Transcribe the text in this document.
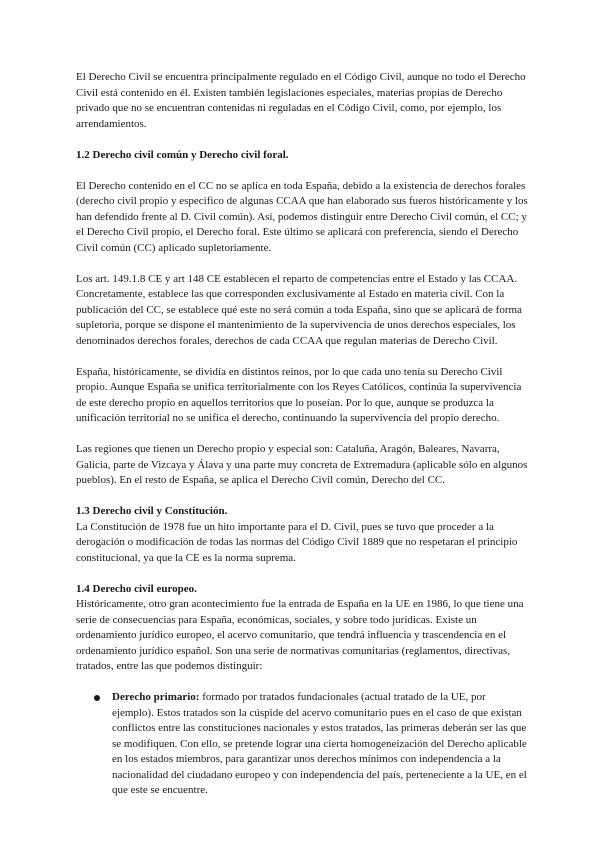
El Derecho Civil se encuentra principalmente regulado en el Código Civil, aunque no todo el Derecho Civil está contenido en él. Existen también legislaciones especiales, materias propias de Derecho privado que no se encuentran contenidas ni reguladas en el Código Civil, como, por ejemplo, los arrendamientos.

1.2 Derecho civil común y Derecho civil foral.

El Derecho contenido en el CC no se aplica en toda España, debido a la existencia de derechos forales (derecho civil propio y específico de algunas CCAA que han elaborado sus fueros históricamente y los han defendido frente al D. Civil común). Así, podemos distinguir entre Derecho Civil común, el CC; y el Derecho Civil propio, el Derecho foral. Este último se aplicará con preferencia, siendo el Derecho Civil común (CC) aplicado supletoriamente.

Los art. 149.1.8 CE y art 148 CE establecen el reparto de competencias entre el Estado y las CCAA. Concretamente, establece las que corresponden exclusivamente al Estado en materia civil. Con la publicación del CC, se establece qué este no será común a toda España, sino que se aplicará de forma supletoria, porque se dispone el mantenimiento de la supervivencia de unos derechos especiales, los denominados derechos forales, derechos de cada CCAA que regulan materias de Derecho Civil.

España, históricamente, se dividía en distintos reinos, por lo que cada uno tenía su Derecho Civil propio. Aunque España se unifica territorialmente con los Reyes Católicos, continúa la supervivencia de este derecho propio en aquellos territorios que lo poseían. Por lo que, aunque se produzca la unificación territorial no se unifica el derecho, continuando la supervivencia del propio derecho.

Las regiones que tienen un Derecho propio y especial son: Cataluña, Aragón, Baleares, Navarra, Galicia, parte de Vizcaya y Álava y una parte muy concreta de Extremadura (aplicable sólo en algunos pueblos). En el resto de España, se aplica el Derecho Civil común, Derecho del CC.

1.3 Derecho civil y Constitución.

La Constitución de 1978 fue un hito importante para el D. Civil, pues se tuvo que proceder a la derogación o modificación de todas las normas del Código Civil 1889 que no respetaran el principio constitucional, ya que la CE es la norma suprema.

1.4 Derecho civil europeo.

Históricamente, otro gran acontecimiento fue la entrada de España en la UE en 1986, lo que tiene una serie de consecuencias para España, económicas, sociales, y sobre todo jurídicas. Existe un ordenamiento jurídico europeo, el acervo comunitario, que tendrá influencia y trascendencia en el ordenamiento jurídico español. Son una serie de normativas comunitarias (reglamentos, directivas, tratados, entre las que podemos distinguir:

Derecho primario: formado por tratados fundacionales (actual tratado de la UE, por ejemplo). Estos tratados son la cúspide del acervo comunitario pues en el caso de que existan conflictos entre las constituciones nacionales y estos tratados, las primeras deberán ser las que se modifiquen. Con ello, se pretende lograr una cierta homogeneización del Derecho aplicable en los estados miembros, para garantizar unos derechos mínimos con independencia a la nacionalidad del ciudadano europeo y con independencia del país, perteneciente a la UE, en el que este se encuentre.
